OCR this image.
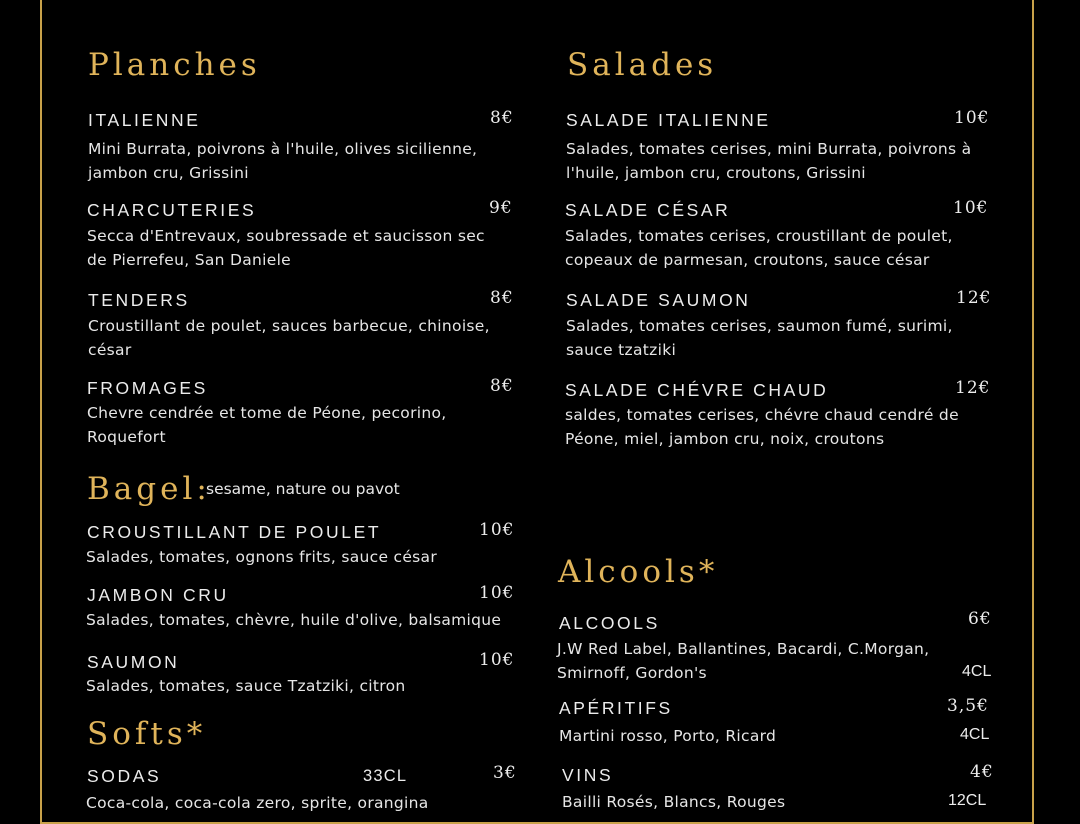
Planches
ITALIENNE	8€
Mini Burrata, poivrons à l'huile, olives sicilienne,
jambon cru, Grissini
CHARCUTERIES	9€
Secca d'Entrevaux, soubressade et saucisson sec
de Pierrefeu, San Daniele
TENDERS	8€
Croustillant de poulet, sauces barbecue, chinoise,
césar
FROMAGES	8€
Chevre cendrée et tome de Péone, pecorino,
Roquefort
Bagel:
sesame, nature ou pavot
CROUSTILLANT DE POULET	10€
Salades, tomates, ognons frits, sauce césar
JAMBON CRU	10€
Salades, tomates, chèvre, huile d'olive, balsamique
SAUMON	10€
Salades, tomates, sauce Tzatziki, citron
Softs*
SODAS	33CL	3€
Coca-cola, coca-cola zero, sprite, orangina
Salades
SALADE ITALIENNE	10€
Salades, tomates cerises, mini Burrata, poivrons à
l'huile, jambon cru, croutons, Grissini
SALADE CÉSAR	10€
Salades, tomates cerises, croustillant de poulet,
copeaux de parmesan, croutons, sauce césar
SALADE SAUMON	12€
Salades, tomates cerises, saumon fumé, surimi,
sauce tzatziki
SALADE CHÉVRE CHAUD	12€
saldes, tomates cerises, chévre chaud cendré de
Péone, miel, jambon cru, noix, croutons
Alcools*
ALCOOLS	6€
J.W Red Label, Ballantines, Bacardi, C.Morgan,
Smirnoff, Gordon's	4CL
APÉRITIFS	3,5€
Martini rosso, Porto, Ricard	4CL
VINS	4€
Bailli Rosés, Blancs, Rouges	12CL
